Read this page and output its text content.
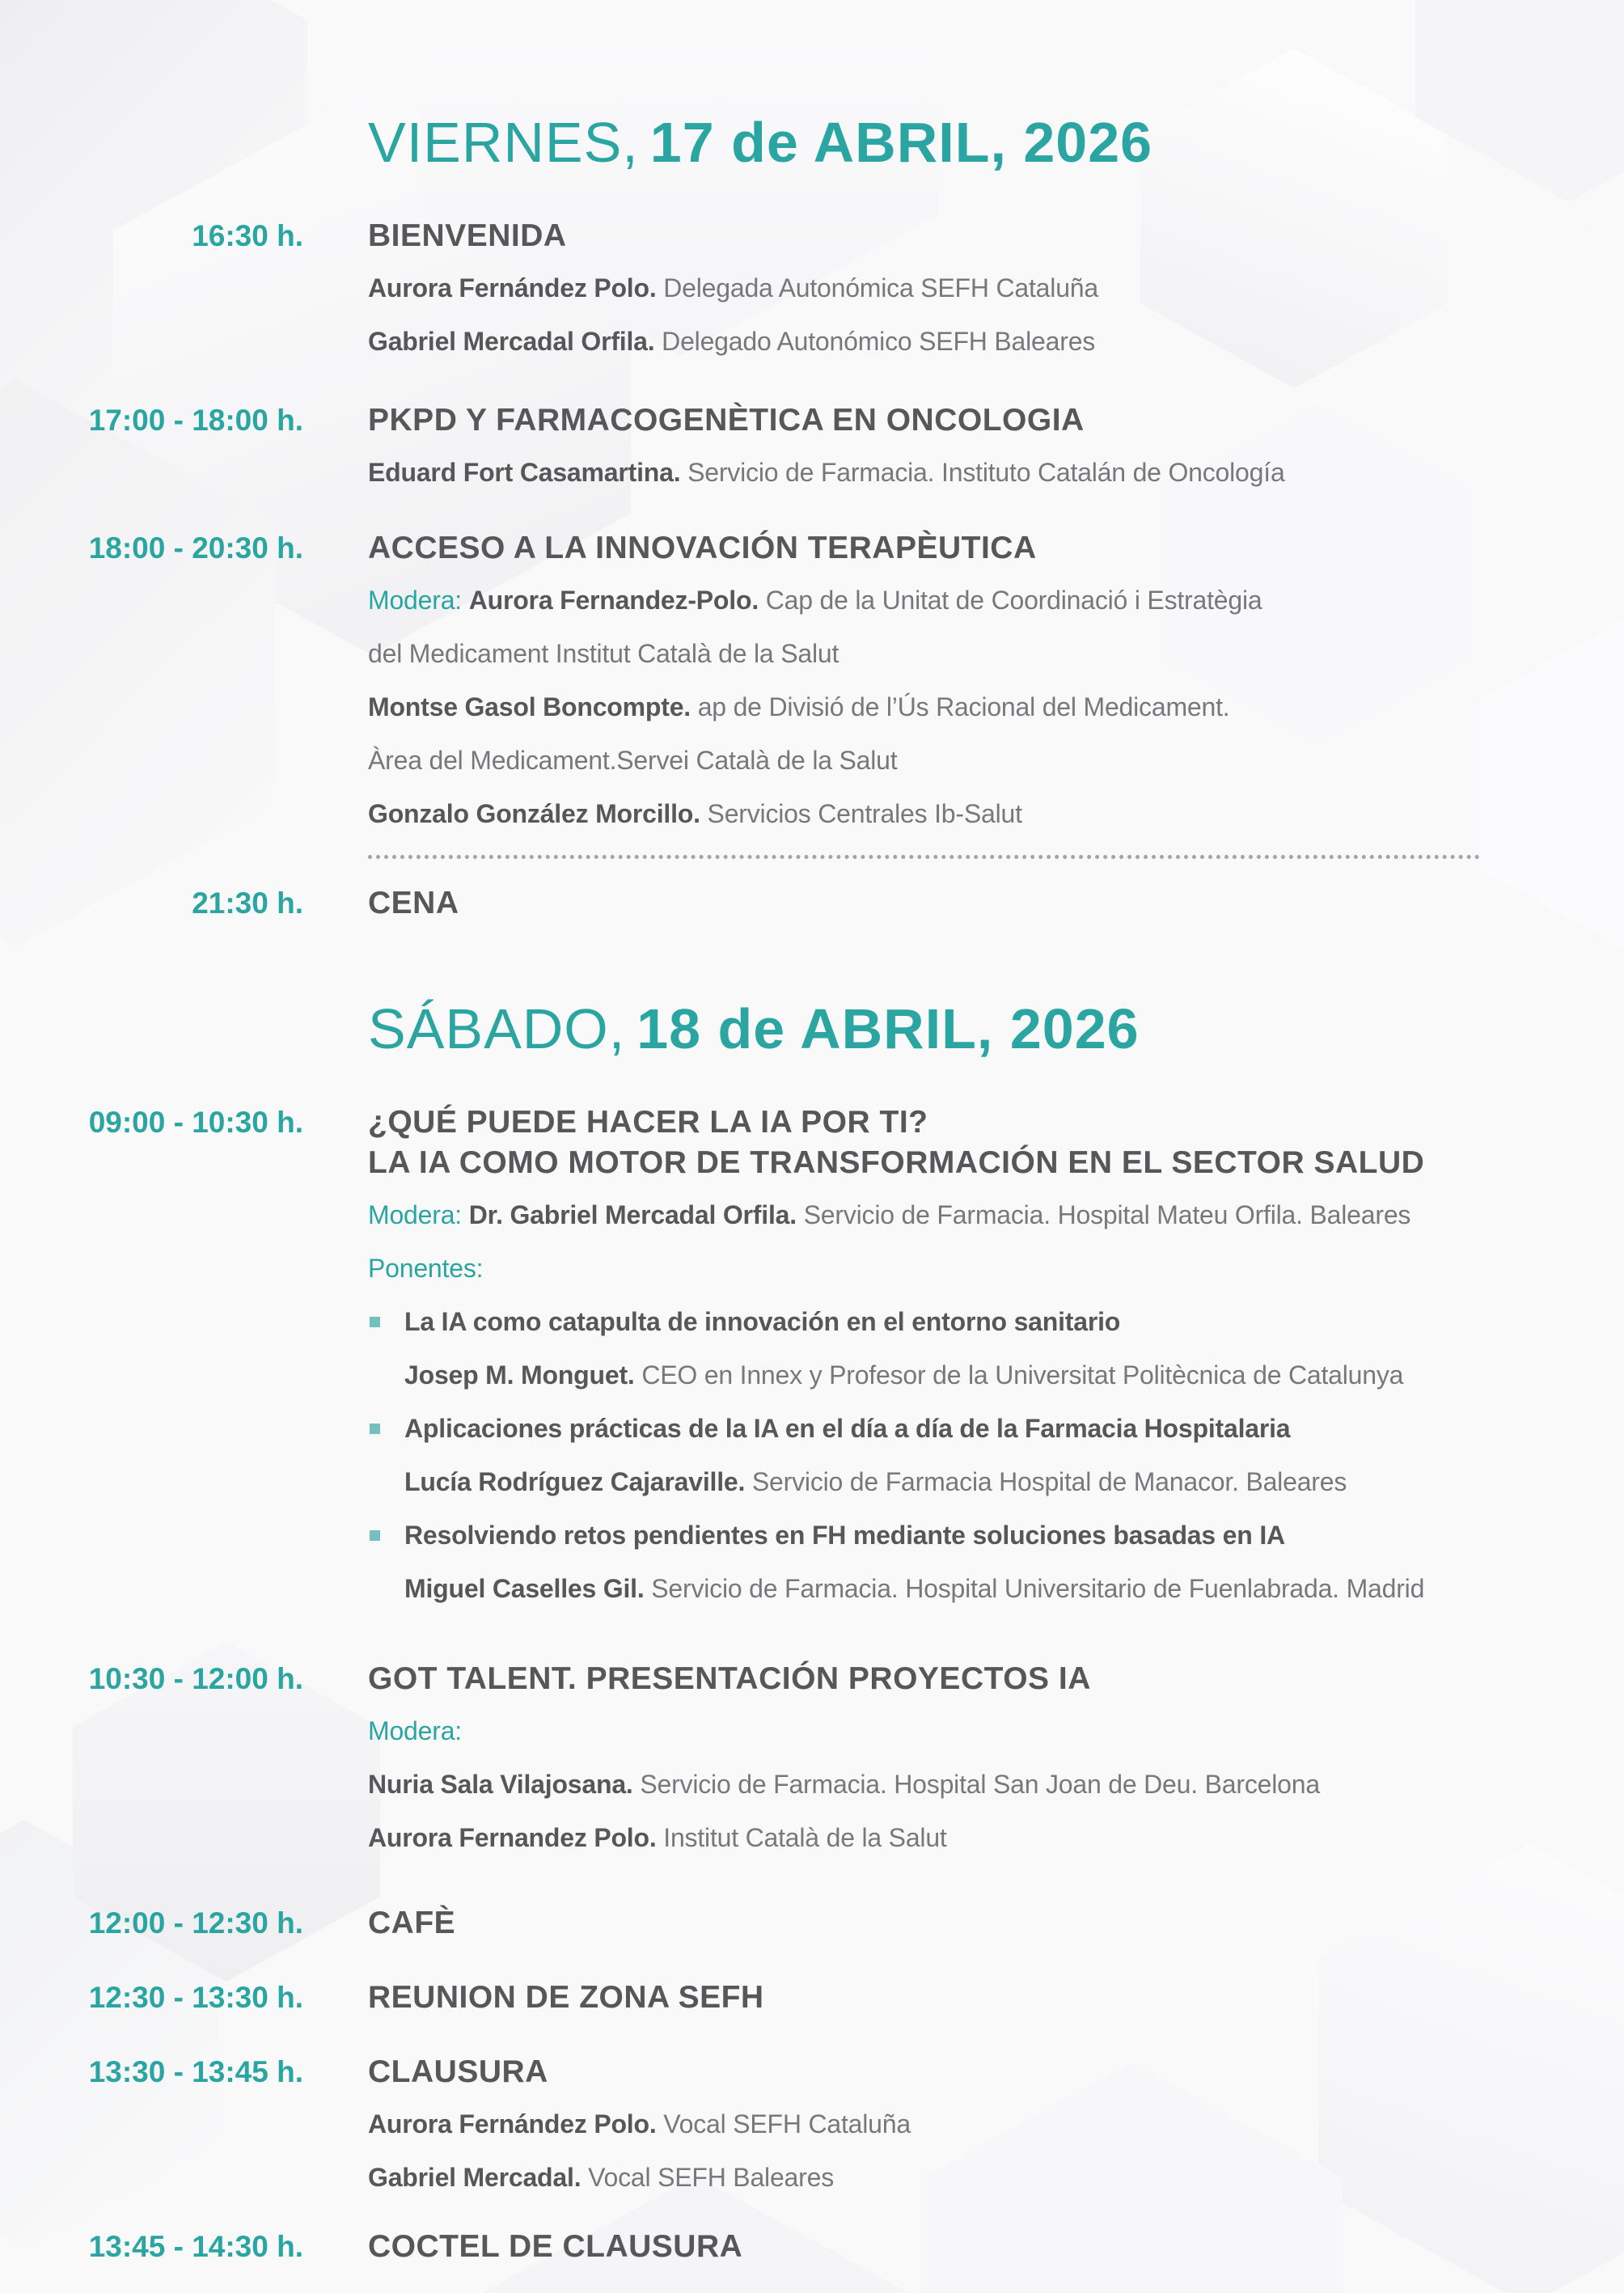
VIERNES, 17 de ABRIL, 2026
16:30 h. BIENVENIDA
Aurora Fernández Polo. Delegada Autonómica SEFH Cataluña
Gabriel Mercadal Orfila. Delegado Autonómico SEFH Baleares
17:00 - 18:00 h. PKPD Y FARMACOGENÈTICA EN ONCOLOGIA
Eduard Fort Casamartina. Servicio de Farmacia. Instituto Catalán de Oncología
18:00 - 20:30 h. ACCESO A LA INNOVACIÓN TERAPÈUTICA
Modera: Aurora Fernandez-Polo. Cap de la Unitat de Coordinació i Estratègia
del Medicament Institut Català de la Salut
Montse Gasol Boncompte. ap de Divisió de l’Ús Racional del Medicament.
Àrea del Medicament.Servei Català de la Salut
Gonzalo González Morcillo. Servicios Centrales Ib-Salut
21:30 h. CENA
SÁBADO, 18 de ABRIL, 2026
09:00 - 10:30 h. ¿QUÉ PUEDE HACER LA IA POR TI?
LA IA COMO MOTOR DE TRANSFORMACIÓN EN EL SECTOR SALUD
Modera: Dr. Gabriel Mercadal Orfila. Servicio de Farmacia. Hospital Mateu Orfila. Baleares
Ponentes:
La IA como catapulta de innovación en el entorno sanitario
Josep M. Monguet. CEO en Innex y Profesor de la Universitat Politècnica de Catalunya
Aplicaciones prácticas de la IA en el día a día de la Farmacia Hospitalaria
Lucía Rodríguez Cajaraville. Servicio de Farmacia Hospital de Manacor. Baleares
Resolviendo retos pendientes en FH mediante soluciones basadas en IA
Miguel Caselles Gil. Servicio de Farmacia. Hospital Universitario de Fuenlabrada. Madrid
10:30 - 12:00 h. GOT TALENT. PRESENTACIÓN PROYECTOS IA
Modera:
Nuria Sala Vilajosana. Servicio de Farmacia. Hospital San Joan de Deu. Barcelona
Aurora Fernandez Polo. Institut Català de la Salut
12:00 - 12:30 h. CAFÈ
12:30 - 13:30 h. REUNION DE ZONA SEFH
13:30 - 13:45 h. CLAUSURA
Aurora Fernández Polo. Vocal SEFH Cataluña
Gabriel Mercadal. Vocal SEFH Baleares
13:45 - 14:30 h. COCTEL DE CLAUSURA
